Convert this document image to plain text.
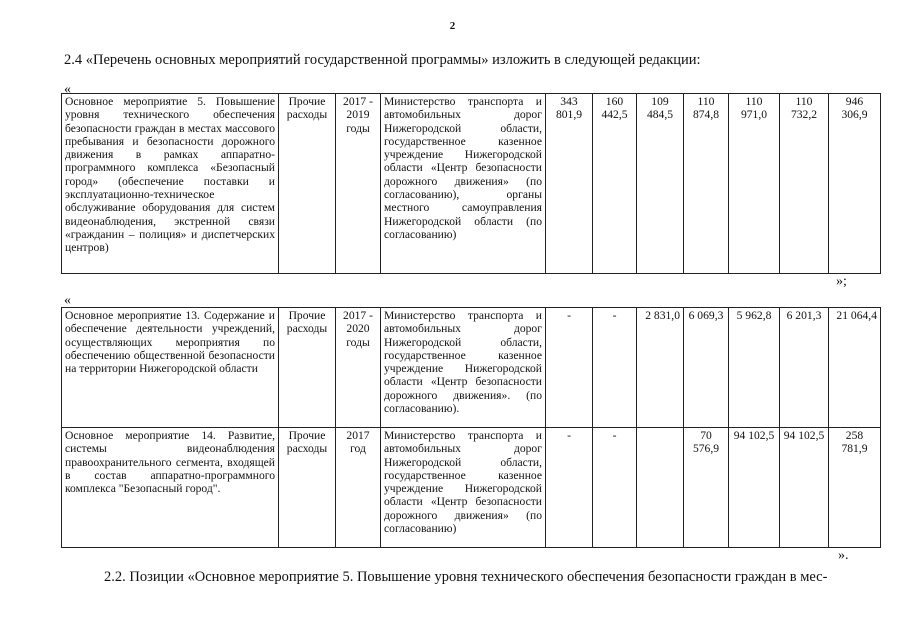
2
2.4 «Перечень основных мероприятий государственной программы» изложить в следующей редакции:
«
Основное мероприятие 5. Повышение уровня технического обеспечения безопасности граждан в местах массового пребывания и безопасности дорожного движения в рамках аппаратно-программного комплекса «Безопасный город» (обеспечение поставки и эксплуатационно-техническое обслуживание оборудования для систем видеонаблюдения, экстренной связи «гражданин – полиция» и диспетчерских центров)	Прочие расходы	2017 - 2019 годы	Министерство транспорта и автомобильных дорог Нижегородской области, государственное казенное учреждение Нижегородской области «Центр безопасности дорожного движения» (по согласованию), органы местного самоуправления Нижегородской области (по согласованию)	343 801,9	160 442,5	109 484,5	110 874,8	110 971,0	110 732,2	946 306,9
»;
«
Основное мероприятие 13. Содержание и обеспечение деятельности учреждений, осуществляющих мероприятия по обеспечению общественной безопасности на территории Нижегородской области	Прочие расходы	2017 - 2020 годы	Министерство транспорта и автомобильных дорог Нижегородской области, государственное казенное учреждение Нижегородской области «Центр безопасности дорожного движения». (по согласованию).	-	-	2 831,0	6 069,3	5 962,8	6 201,3	21 064,4
Основное мероприятие 14. Развитие, системы видеонаблюдения правоохранительного сегмента, входящей в состав аппаратно-программного комплекса "Безопасный город".	Прочие расходы	2017 год	Министерство транспорта и автомобильных дорог Нижегородской области, государственное казенное учреждение Нижегородской области «Центр безопасности дорожного движения» (по согласованию)	-	-		70 576,9	94 102,5	94 102,5	258 781,9
».
2.2. Позиции «Основное мероприятие 5. Повышение уровня технического обеспечения безопасности граждан в мес-
